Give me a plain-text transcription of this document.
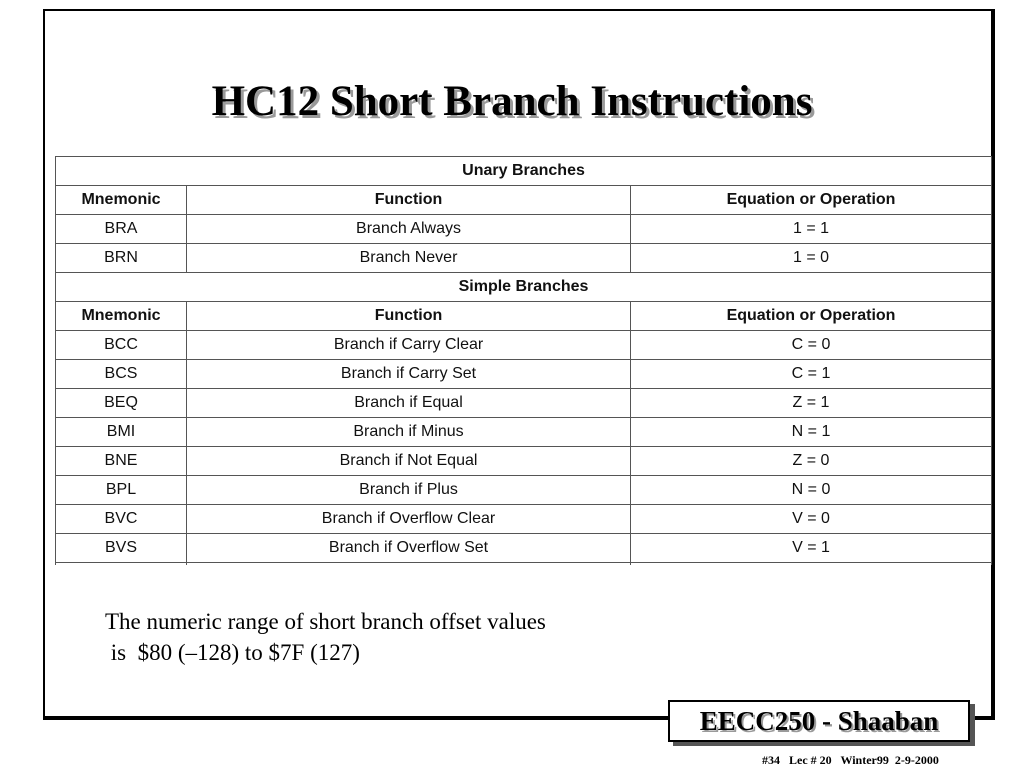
HC12 Short Branch Instructions
Unary Branches		
Mnemonic	Function	Equation or Operation
BRA	Branch Always	1 = 1
BRN	Branch Never	1 = 0
Simple Branches		
Mnemonic	Function	Equation or Operation
BCC	Branch if Carry Clear	C = 0
BCS	Branch if Carry Set	C = 1
BEQ	Branch if Equal	Z = 1
BMI	Branch if Minus	N = 1
BNE	Branch if Not Equal	Z = 0
BPL	Branch if Plus	N = 0
BVC	Branch if Overflow Clear	V = 0
BVS	Branch if Overflow Set	V = 1

The numeric range of short branch offset values
is  $80 (–128) to $7F (127)
EECC250 - Shaaban
#34   Lec # 20   Winter99  2-9-2000
